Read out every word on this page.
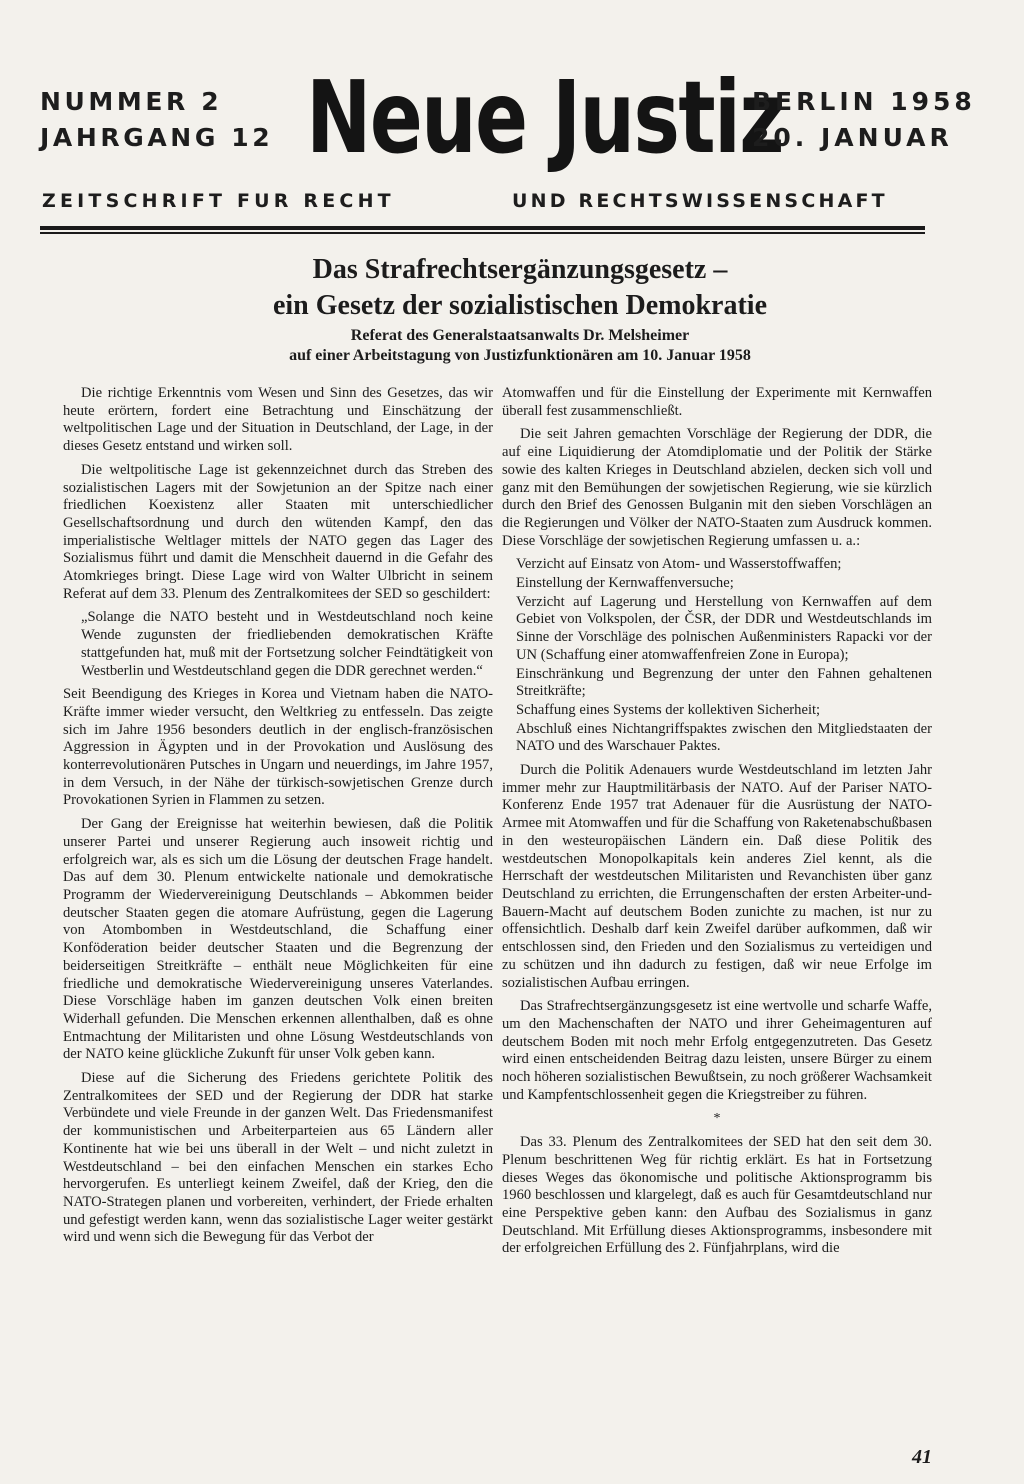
NUMMER 2
JAHRGANG 12 Neue Justiz
BERLIN 1958
20. JANUAR
ZEITSCHRIFT FUR RECHT	UND RECHTSWISSENSCHAFT
Das Strafrechtsergänzungsgesetz –
ein Gesetz der sozialistischen Demokratie

Referat des Generalstaatsanwalts Dr. Melsheimer
auf einer Arbeitstagung von Justizfunktionären am 10. Januar 1958

Die richtige Erkenntnis vom Wesen und Sinn des Gesetzes, das wir heute erörtern, fordert eine Betrachtung und Einschätzung der weltpolitischen Lage und der Situation in Deutschland, der Lage, in der dieses Gesetz entstand und wirken soll.

Die weltpolitische Lage ist gekennzeichnet durch das Streben des sozialistischen Lagers mit der Sowjetunion an der Spitze nach einer friedlichen Koexistenz aller Staaten mit unterschiedlicher Gesellschaftsordnung und durch den wütenden Kampf, den das imperialistische Weltlager mittels der NATO gegen das Lager des Sozialismus führt und damit die Menschheit dauernd in die Gefahr des Atomkrieges bringt. Diese Lage wird von Walter Ulbricht in seinem Referat auf dem 33. Plenum des Zentralkomitees der SED so geschildert:

„Solange die NATO besteht und in Westdeutschland noch keine Wende zugunsten der friedliebenden demokratischen Kräfte stattgefunden hat, muß mit der Fortsetzung solcher Feindtätigkeit von Westberlin und Westdeutschland gegen die DDR gerechnet werden.“

Seit Beendigung des Krieges in Korea und Vietnam haben die NATO-Kräfte immer wieder versucht, den Weltkrieg zu entfesseln. Das zeigte sich im Jahre 1956 besonders deutlich in der englisch-französischen Aggression in Ägypten und in der Provokation und Auslösung des konterrevolutionären Putsches in Ungarn und neuerdings, im Jahre 1957, in dem Versuch, in der Nähe der türkisch-sowjetischen Grenze durch Provokationen Syrien in Flammen zu setzen.

Der Gang der Ereignisse hat weiterhin bewiesen, daß die Politik unserer Partei und unserer Regierung auch insoweit richtig und erfolgreich war, als es sich um die Lösung der deutschen Frage handelt. Das auf dem 30. Plenum entwickelte nationale und demokratische Programm der Wiedervereinigung Deutschlands – Abkommen beider deutscher Staaten gegen die atomare Aufrüstung, gegen die Lagerung von Atombomben in Westdeutschland, die Schaffung einer Konföderation beider deutscher Staaten und die Begrenzung der beiderseitigen Streitkräfte – enthält neue Möglichkeiten für eine friedliche und demokratische Wiedervereinigung unseres Vaterlandes. Diese Vorschläge haben im ganzen deutschen Volk einen breiten Widerhall gefunden. Die Menschen erkennen allenthalben, daß es ohne Entmachtung der Militaristen und ohne Lösung Westdeutschlands von der NATO keine glückliche Zukunft für unser Volk geben kann.

Diese auf die Sicherung des Friedens gerichtete Politik des Zentralkomitees der SED und der Regierung der DDR hat starke Verbündete und viele Freunde in der ganzen Welt. Das Friedensmanifest der kommunistischen und Arbeiterparteien aus 65 Ländern aller Kontinente hat wie bei uns überall in der Welt – und nicht zuletzt in Westdeutschland – bei den einfachen Menschen ein starkes Echo hervorgerufen. Es unterliegt keinem Zweifel, daß der Krieg, den die NATO-Strategen planen und vorbereiten, verhindert, der Friede erhalten und gefestigt werden kann, wenn das sozialistische Lager weiter gestärkt wird und wenn sich die Bewegung für das Verbot der

Atomwaffen und für die Einstellung der Experimente mit Kernwaffen überall fest zusammenschließt.

Die seit Jahren gemachten Vorschläge der Regierung der DDR, die auf eine Liquidierung der Atomdiplomatie und der Politik der Stärke sowie des kalten Krieges in Deutschland abzielen, decken sich voll und ganz mit den Bemühungen der sowjetischen Regierung, wie sie kürzlich durch den Brief des Genossen Bulganin mit den sieben Vorschlägen an die Regierungen und Völker der NATO-Staaten zum Ausdruck kommen. Diese Vorschläge der sowjetischen Regierung umfassen u. a.:

Verzicht auf Einsatz von Atom- und Wasserstoffwaffen;

Einstellung der Kernwaffenversuche;

Verzicht auf Lagerung und Herstellung von Kernwaffen auf dem Gebiet von Volkspolen, der ČSR, der DDR und Westdeutschlands im Sinne der Vorschläge des polnischen Außenministers Rapacki vor der UN (Schaffung einer atomwaffenfreien Zone in Europa);

Einschränkung und Begrenzung der unter den Fahnen gehaltenen Streitkräfte;

Schaffung eines Systems der kollektiven Sicherheit;

Abschluß eines Nichtangriffspaktes zwischen den Mitgliedstaaten der NATO und des Warschauer Paktes.

Durch die Politik Adenauers wurde Westdeutschland im letzten Jahr immer mehr zur Hauptmilitärbasis der NATO. Auf der Pariser NATO-Konferenz Ende 1957 trat Adenauer für die Ausrüstung der NATO-Armee mit Atomwaffen und für die Schaffung von Raketenabschußbasen in den westeuropäischen Ländern ein. Daß diese Politik des westdeutschen Monopolkapitals kein anderes Ziel kennt, als die Herrschaft der westdeutschen Militaristen und Revanchisten über ganz Deutschland zu errichten, die Errungenschaften der ersten Arbeiter-und-Bauern-Macht auf deutschem Boden zunichte zu machen, ist nur zu offensichtlich. Deshalb darf kein Zweifel darüber aufkommen, daß wir entschlossen sind, den Frieden und den Sozialismus zu verteidigen und zu schützen und ihn dadurch zu festigen, daß wir neue Erfolge im sozialistischen Aufbau erringen.

Das Strafrechtsergänzungsgesetz ist eine wertvolle und scharfe Waffe, um den Machenschaften der NATO und ihrer Geheimagenturen auf deutschem Boden mit noch mehr Erfolg entgegenzutreten. Das Gesetz wird einen entscheidenden Beitrag dazu leisten, unsere Bürger zu einem noch höheren sozialistischen Bewußtsein, zu noch größerer Wachsamkeit und Kampfentschlossenheit gegen die Kriegstreiber zu führen.

*

Das 33. Plenum des Zentralkomitees der SED hat den seit dem 30. Plenum beschrittenen Weg für richtig erklärt. Es hat in Fortsetzung dieses Weges das ökonomische und politische Aktionsprogramm bis 1960 beschlossen und klargelegt, daß es auch für Gesamtdeutschland nur eine Perspektive geben kann: den Aufbau des Sozialismus in ganz Deutschland. Mit Erfüllung dieses Aktionsprogramms, insbesondere mit der erfolgreichen Erfüllung des 2. Fünfjahrplans, wird die

41
